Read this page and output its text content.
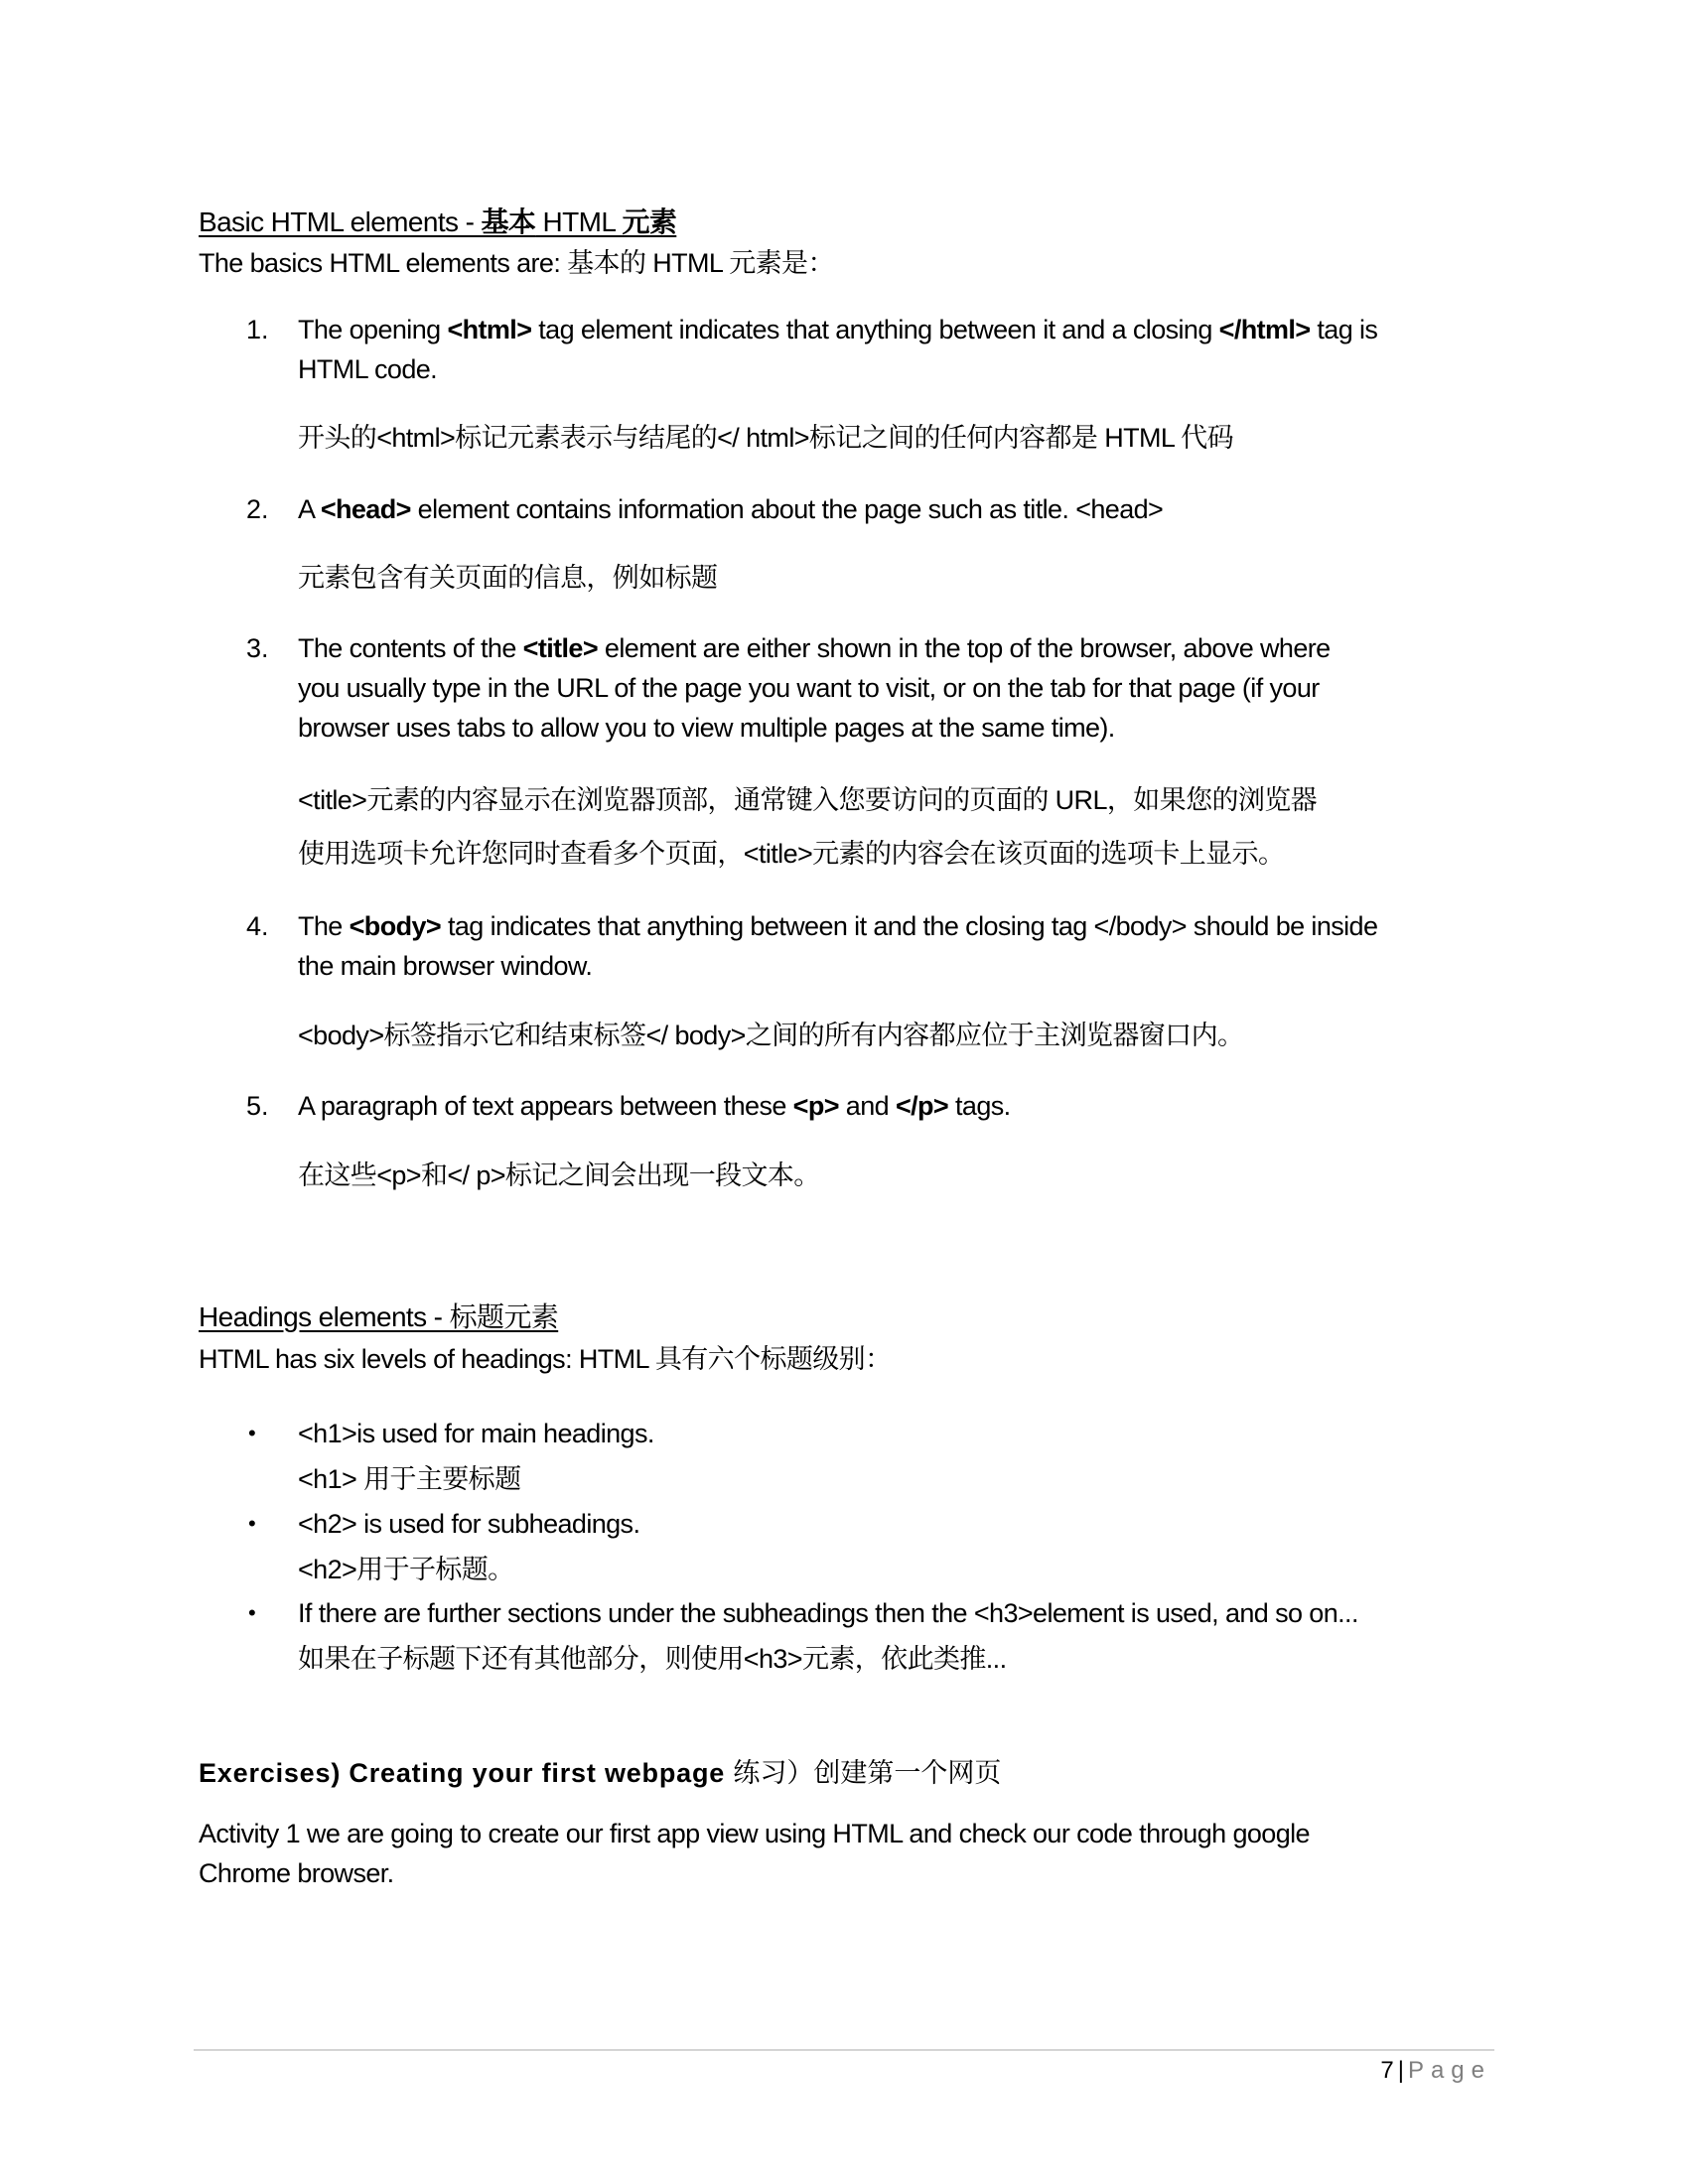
Basic HTML elements - 基本 HTML 元素
The basics HTML elements are: 基本的 HTML 元素是：
1. The opening <html> tag element indicates that anything between it and a closing </html> tag is
HTML code.
开头的<html>标记元素表示与结尾的</ html>标记之间的任何内容都是 HTML 代码
2. A <head> element contains information about the page such as title. <head>
元素包含有关页面的信息，例如标题
3. The contents of the <title> element are either shown in the top of the browser, above where
you usually type in the URL of the page you want to visit, or on the tab for that page (if your
browser uses tabs to allow you to view multiple pages at the same time).
<title>元素的内容显示在浏览器顶部，通常键入您要访问的页面的 URL，如果您的浏览器
使用选项卡允许您同时查看多个页面，<title>元素的内容会在该页面的选项卡上显示。
4. The <body> tag indicates that anything between it and the closing tag </body> should be inside
the main browser window.
<body>标签指示它和结束标签</ body>之间的所有内容都应位于主浏览器窗口内。
5. A paragraph of text appears between these <p> and </p> tags.
在这些<p>和</ p>标记之间会出现一段文本。
Headings elements - 标题元素
HTML has six levels of headings: HTML 具有六个标题级别：
• <h1>is used for main headings.
<h1> 用于主要标题
• <h2> is used for subheadings.
<h2>用于子标题。
• If there are further sections under the subheadings then the <h3>element is used, and so on...
如果在子标题下还有其他部分，则使用<h3>元素，依此类推...
Exercises) Creating your first webpage 练习）创建第一个网页
Activity 1 we are going to create our first app view using HTML and check our code through google
Chrome browser.
7 | Page
